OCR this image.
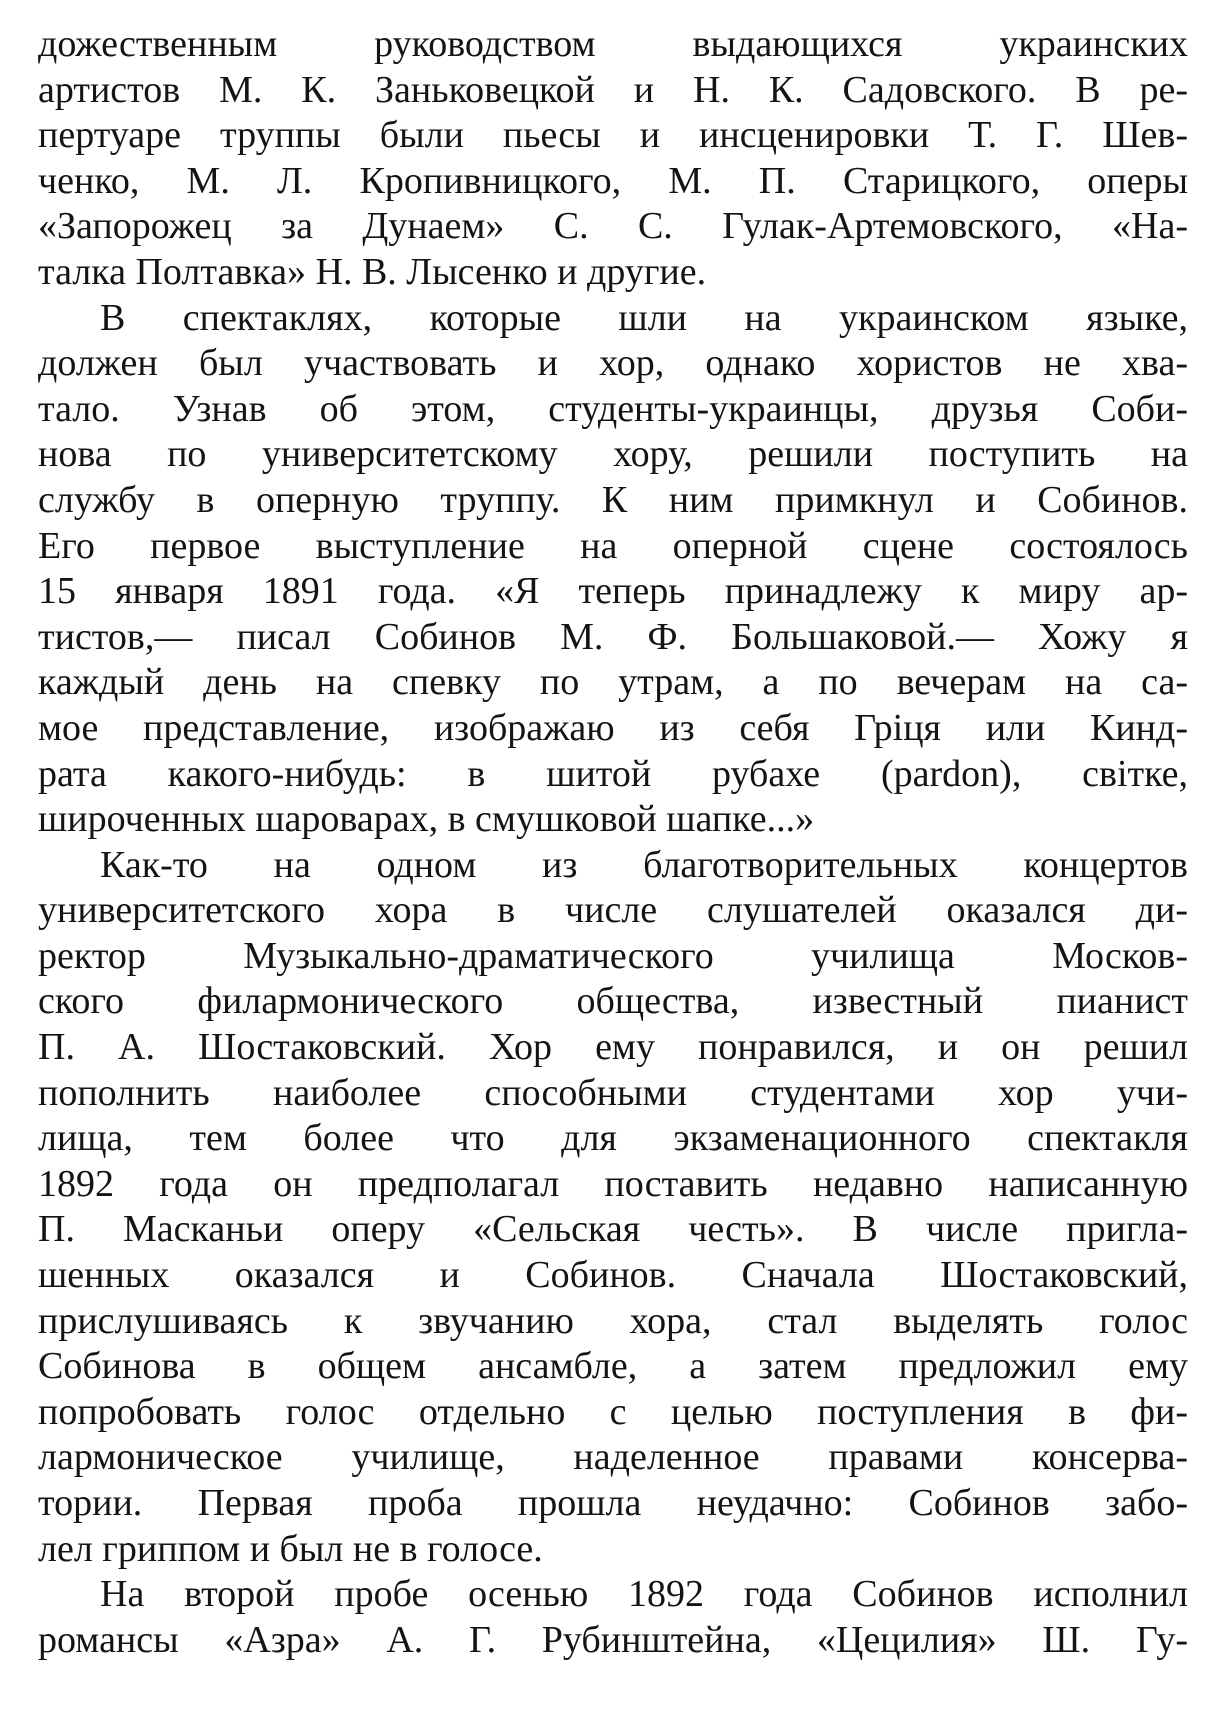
дожественным руководством выдающихся украинских
артистов М. К. Заньковецкой и Н. К. Садовского. В ре-
пертуаре труппы были пьесы и инсценировки Т. Г. Шев-
ченко, М. Л. Кропивницкого, М. П. Старицкого, оперы
«Запорожец за Дунаем» С. С. Гулак-Артемовского, «На-
талка Полтавка» Н. В. Лысенко и другие.
В спектаклях, которые шли на украинском языке,
должен был участвовать и хор, однако хористов не хва-
тало. Узнав об этом, студенты-украинцы, друзья Соби-
нова по университетскому хору, решили поступить на
службу в оперную труппу. К ним примкнул и Собинов.
Его первое выступление на оперной сцене состоялось
15 января 1891 года. «Я теперь принадлежу к миру ар-
тистов,— писал Собинов М. Ф. Большаковой.— Хожу я
каждый день на спевку по утрам, а по вечерам на са-
мое представление, изображаю из себя Гріця или Кинд-
рата какого-нибудь: в шитой рубахе (pardon), світке,
широченных шароварах, в смушковой шапке...»
Как-то на одном из благотворительных концертов
университетского хора в числе слушателей оказался ди-
ректор Музыкально-драматического училища Москов-
ского филармонического общества, известный пианист
П. А. Шостаковский. Хор ему понравился, и он решил
пополнить наиболее способными студентами хор учи-
лища, тем более что для экзаменационного спектакля
1892 года он предполагал поставить недавно написанную
П. Масканьи оперу «Сельская честь». В числе пригла-
шенных оказался и Собинов. Сначала Шостаковский,
прислушиваясь к звучанию хора, стал выделять голос
Собинова в общем ансамбле, а затем предложил ему
попробовать голос отдельно с целью поступления в фи-
лармоническое училище, наделенное правами консерва-
тории. Первая проба прошла неудачно: Собинов забо-
лел гриппом и был не в голосе.
На второй пробе осенью 1892 года Собинов исполнил
романсы «Азра» А. Г. Рубинштейна, «Цецилия» Ш. Гу-
